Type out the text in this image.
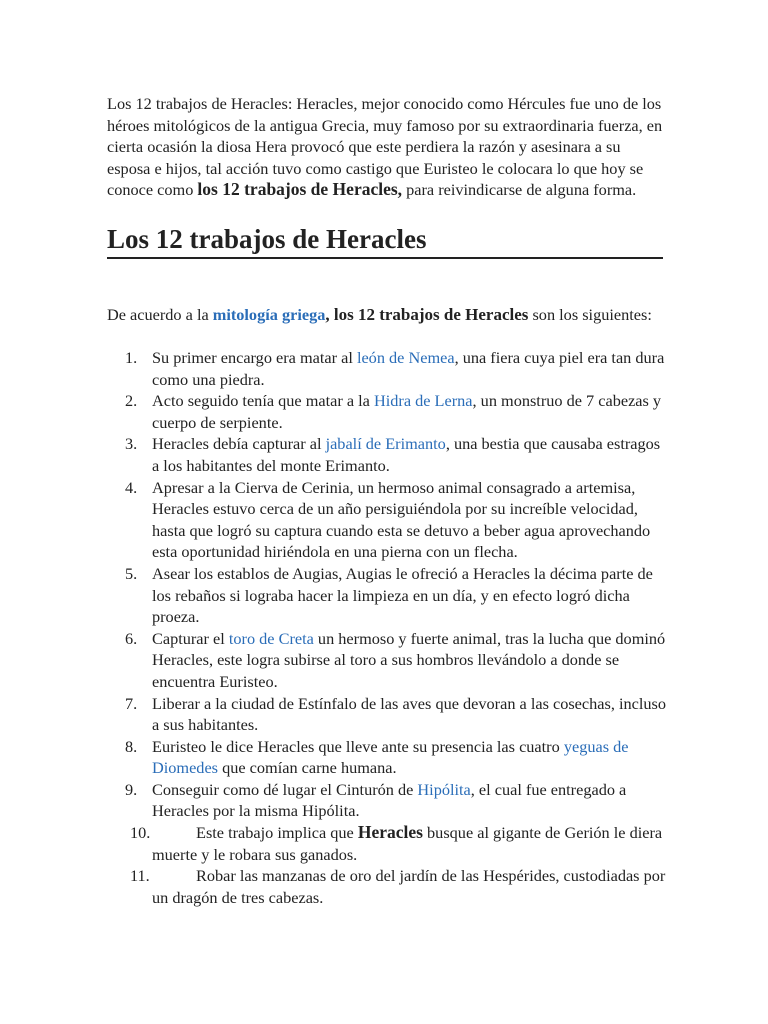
Los 12 trabajos de Heracles: Heracles, mejor conocido como Hércules fue uno de los héroes mitológicos de la antigua Grecia, muy famoso por su extraordinaria fuerza, en cierta ocasión la diosa Hera provocó que este perdiera la razón y asesinara a su esposa e hijos, tal acción tuvo como castigo que Euristeo le colocara lo que hoy se conoce como los 12 trabajos de Heracles, para reivindicarse de alguna forma.

Los 12 trabajos de Heracles

De acuerdo a la mitología griega, los 12 trabajos de Heracles son los siguientes:

1. Su primer encargo era matar al león de Nemea, una fiera cuya piel era tan dura como una piedra.
2. Acto seguido tenía que matar a la Hidra de Lerna, un monstruo de 7 cabezas y cuerpo de serpiente.
3. Heracles debía capturar al jabalí de Erimanto, una bestia que causaba estragos a los habitantes del monte Erimanto.
4. Apresar a la Cierva de Cerinia, un hermoso animal consagrado a artemisa, Heracles estuvo cerca de un año persiguiéndola por su increíble velocidad, hasta que logró su captura cuando esta se detuvo a beber agua aprovechando esta oportunidad hiriéndola en una pierna con un flecha.
5. Asear los establos de Augias, Augias le ofreció a Heracles la décima parte de los rebaños si lograba hacer la limpieza en un día, y en efecto logró dicha proeza.
6. Capturar el toro de Creta un hermoso y fuerte animal, tras la lucha que dominó Heracles, este logra subirse al toro a sus hombros llevándolo a donde se encuentra Euristeo.
7. Liberar a la ciudad de Estínfalo de las aves que devoran a las cosechas, incluso a sus habitantes.
8. Euristeo le dice Heracles que lleve ante su presencia las cuatro yeguas de Diomedes que comían carne humana.
9. Conseguir como dé lugar el Cinturón de Hipólita, el cual fue entregado a Heracles por la misma Hipólita.
10.	Este trabajo implica que Heracles busque al gigante de Gerión le diera muerte y le robara sus ganados.
11.	Robar las manzanas de oro del jardín de las Hespérides, custodiadas por un dragón de tres cabezas.
